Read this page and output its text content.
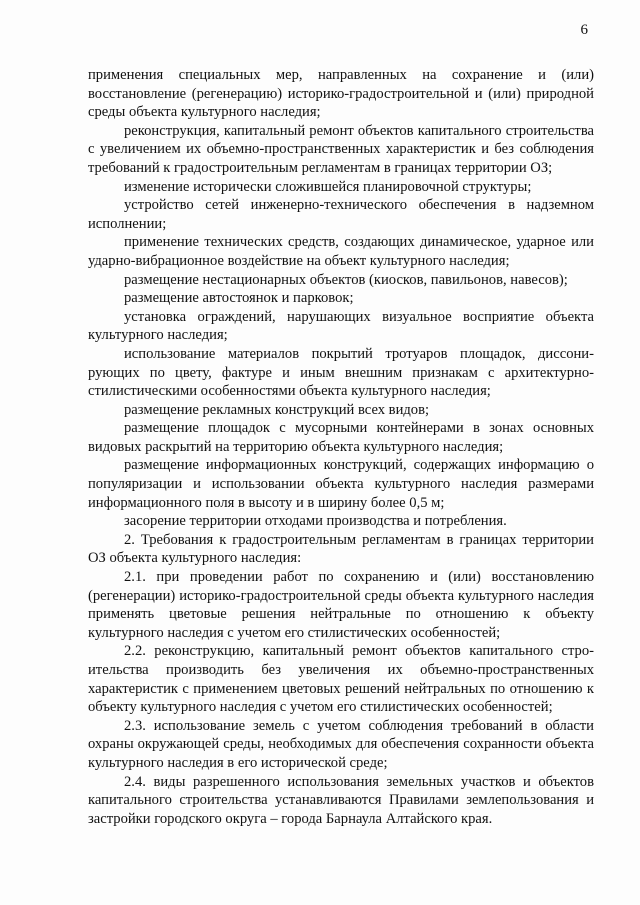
6

применения специальных мер, направленных на сохранение и (или) восстановление (регенерацию) историко-градостроительной и (или) природной среды объекта культурного наследия;

реконструкция, капитальный ремонт объектов капитального строительства с увеличением их объемно-пространственных характеристик и без соблюдения требований к градостроительным регламентам в границах территории ОЗ;

изменение исторически сложившейся планировочной структуры;

устройство сетей инженерно-технического обеспечения в надземном исполнении;

применение технических средств, создающих динамическое, ударное или ударно-вибрационное воздействие на объект культурного наследия;

размещение нестационарных объектов (киосков, павильонов, навесов);

размещение автостоянок и парковок;

установка ограждений, нарушающих визуальное восприятие объекта культурного наследия;

использование материалов покрытий тротуаров площадок, диссонирующих по цвету, фактуре и иным внешним признакам с архитектурно-стилистическими особенностями объекта культурного наследия;

размещение рекламных конструкций всех видов;

размещение площадок с мусорными контейнерами в зонах основных видовых раскрытий на территорию объекта культурного наследия;

размещение информационных конструкций, содержащих информацию о популяризации и использовании объекта культурного наследия размерами информационного поля в высоту и в ширину более 0,5 м;

засорение территории отходами производства и потребления.

2. Требования к градостроительным регламентам в границах территории ОЗ объекта культурного наследия:

2.1. при проведении работ по сохранению и (или) восстановлению (регенерации) историко-градостроительной среды объекта культурного наследия применять цветовые решения нейтральные по отношению к объекту культурного наследия с учетом его стилистических особенностей;

2.2. реконструкцию, капитальный ремонт объектов капитального строительства производить без увеличения их объемно-пространственных характеристик с применением цветовых решений нейтральных по отношению к объекту культурного наследия с учетом его стилистических особенностей;

2.3. использование земель с учетом соблюдения требований в области охраны окружающей среды, необходимых для обеспечения сохранности объекта культурного наследия в его исторической среде;

2.4. виды разрешенного использования земельных участков и объектов капитального строительства устанавливаются Правилами землепользования и застройки городского округа – города Барнаула Алтайского края.
